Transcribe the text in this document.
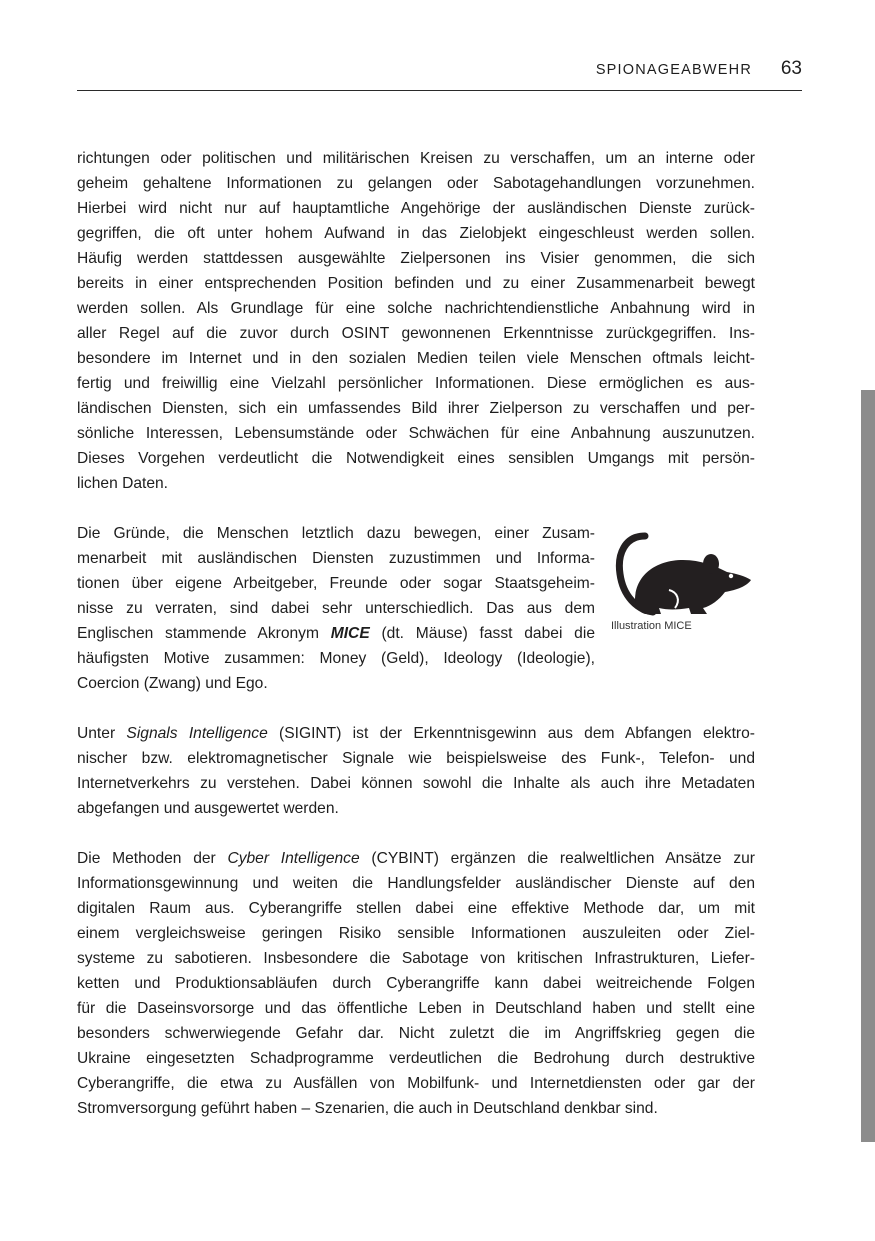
SPIONAGEABWEHR 63
richtungen oder politischen und militärischen Kreisen zu verschaffen, um an interne oder
geheim gehaltene Informationen zu gelangen oder Sabotagehandlungen vorzunehmen.
Hierbei wird nicht nur auf hauptamtliche Angehörige der ausländischen Dienste zurück-
gegriffen, die oft unter hohem Aufwand in das Zielobjekt eingeschleust werden sollen.
Häufig werden stattdessen ausgewählte Zielpersonen ins Visier genommen, die sich
bereits in einer entsprechenden Position befinden und zu einer Zusammenarbeit bewegt
werden sollen. Als Grundlage für eine solche nachrichtendienstliche Anbahnung wird in
aller Regel auf die zuvor durch OSINT gewonnenen Erkenntnisse zurückgegriffen. Ins-
besondere im Internet und in den sozialen Medien teilen viele Menschen oftmals leicht-
fertig und freiwillig eine Vielzahl persönlicher Informationen. Diese ermöglichen es aus-
ländischen Diensten, sich ein umfassendes Bild ihrer Zielperson zu verschaffen und per-
sönliche Interessen, Lebensumstände oder Schwächen für eine Anbahnung auszunutzen.
Dieses Vorgehen verdeutlicht die Notwendigkeit eines sensiblen Umgangs mit persön-
lichen Daten.
Die Gründe, die Menschen letztlich dazu bewegen, einer Zusam-
menarbeit mit ausländischen Diensten zuzustimmen und Informa-
tionen über eigene Arbeitgeber, Freunde oder sogar Staatsgeheim-
nisse zu verraten, sind dabei sehr unterschiedlich. Das aus dem
Englischen stammende Akronym MICE (dt. Mäuse) fasst dabei die
häufigsten Motive zusammen: Money (Geld), Ideology (Ideologie),
Coercion (Zwang) und Ego.
Illustration MICE
Unter Signals Intelligence (SIGINT) ist der Erkenntnisgewinn aus dem Abfangen elektro-
nischer bzw. elektromagnetischer Signale wie beispielsweise des Funk-, Telefon- und
Internetverkehrs zu verstehen. Dabei können sowohl die Inhalte als auch ihre Metadaten
abgefangen und ausgewertet werden.
Die Methoden der Cyber Intelligence (CYBINT) ergänzen die realweltlichen Ansätze zur
Informationsgewinnung und weiten die Handlungsfelder ausländischer Dienste auf den
digitalen Raum aus. Cyberangriffe stellen dabei eine effektive Methode dar, um mit
einem vergleichsweise geringen Risiko sensible Informationen auszuleiten oder Ziel-
systeme zu sabotieren. Insbesondere die Sabotage von kritischen Infrastrukturen, Liefer-
ketten und Produktionsabläufen durch Cyberangriffe kann dabei weitreichende Folgen
für die Daseinsvorsorge und das öffentliche Leben in Deutschland haben und stellt eine
besonders schwerwiegende Gefahr dar. Nicht zuletzt die im Angriffskrieg gegen die
Ukraine eingesetzten Schadprogramme verdeutlichen die Bedrohung durch destruktive
Cyberangriffe, die etwa zu Ausfällen von Mobilfunk- und Internetdiensten oder gar der
Stromversorgung geführt haben – Szenarien, die auch in Deutschland denkbar sind.
